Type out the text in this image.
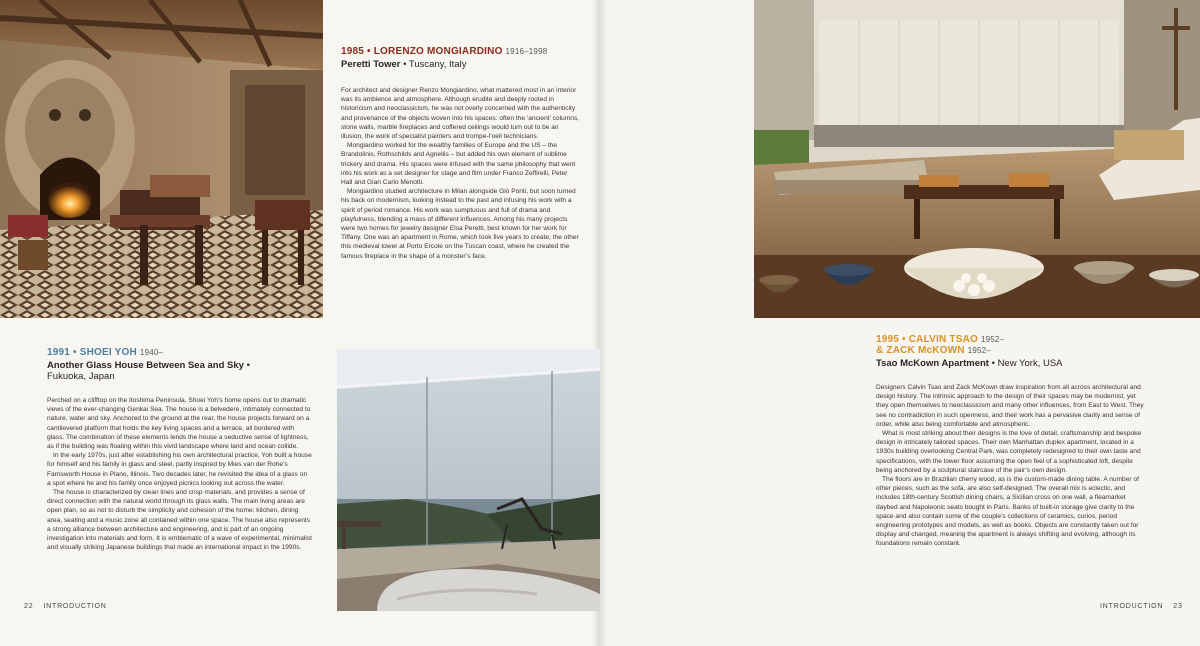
1985 • LORENZO MONGIARDINO 1916–1998
Peretti Tower • Tuscany, Italy

For architect and designer Renzo Mongiardino, what mattered most in an interior was its ambience and atmosphere. Although erudite and deeply rooted in historicism and neoclassicism, he was not overly concerned with the authenticity and provenance of the objects woven into his spaces: often the ‘ancient’ columns, stone walls, marble fireplaces and coffered ceilings would turn out to be an illusion, the work of specialist painters and trompe-l’oeil technicians.

Mongiardino worked for the wealthy families of Europe and the US – the Brandolinis, Rothschilds and Agnellis – but added his own element of sublime trickery and drama. His spaces were infused with the same philosophy that went into his work as a set designer for stage and film under Franco Zeffirelli, Peter Hall and Gian Carlo Menotti.

Mongiardino studied architecture in Milan alongside Giò Ponti, but soon turned his back on modernism, looking instead to the past and infusing his work with a spirit of period romance. His work was sumptuous and full of drama and playfulness, blending a mass of different influences. Among his many projects were two homes for jewelry designer Elsa Peretti, best known for her work for Tiffany. One was an apartment in Rome, which took five years to create; the other this medieval tower at Porto Ercole on the Tuscan coast, where he created the famous fireplace in the shape of a monster’s face.

1991 • SHOEI YOH 1940–
Another Glass House Between Sea and Sky •
Fukuoka, Japan

Perched on a clifftop on the Itoshima Peninsula, Shoei Yoh’s home opens out to dramatic views of the ever-changing Genkai Sea. The house is a belvedere, intimately connected to nature, water and sky. Anchored to the ground at the rear, the house projects forward on a cantilevered platform that holds the key living spaces and a terrace, all bordered with glass. The combination of these elements lends the house a seductive sense of lightness, as if the building was floating within this vivid landscape where land and ocean collide.

In the early 1970s, just after establishing his own architectural practice, Yoh built a house for himself and his family in glass and steel, partly inspired by Mies van der Rohe’s Farnsworth House in Plano, Illinois. Two decades later, he revisited the idea of a glass on a spot where he and his family once enjoyed picnics looking out across the water.

The house is characterized by clean lines and crisp materials, and provides a sense of direct connection with the natural world through its glass walls. The main living areas are open plan, so as not to disturb the simplicity and cohesion of the home: kitchen, dining area, seating and a music zone all contained within one space. The house also represents a strong alliance between architecture and engineering, and is part of an ongoing investigation into materials and form. It is emblematic of a wave of experimental, minimalist and visually striking Japanese buildings that made an international impact in the 1990s.

1995 • CALVIN TSAO 1952–
& ZACK McKOWN 1952–
Tsao McKown Apartment • New York, USA

Designers Calvin Tsao and Zack McKown draw inspiration from all across architectural and design history. The intrinsic approach to the design of their spaces may be modernist, yet they open themselves to neoclassicism and many other influences, from East to West. They see no contradiction in such openness, and their work has a pervasive clarity and sense of order, while also being comfortable and atmospheric.

What is most striking about their designs is the love of detail, craftsmanship and bespoke design in intricately tailored spaces. Their own Manhattan duplex apartment, located in a 1930s building overlooking Central Park, was completely redesigned to their own taste and specifications, with the lower floor assuming the open feel of a sophisticated loft, despite being anchored by a sculptural staircase of the pair’s own design.

The floors are in Brazilian cherry wood, as is the custom-made dining table. A number of other pieces, such as the sofa, are also self-designed. The overall mix is eclectic, and includes 18th-century Scottish dining chairs, a Sicilian cross on one wall, a fleamarket daybed and Napoleonic seats bought in Paris. Banks of built-in storage give clarity to the space and also contain some of the couple’s collections of ceramics, curios, period engineering prototypes and models, as well as books. Objects are constantly taken out for display and changed, meaning the apartment is always shifting and evolving, although its foundations remain constant.

22 INTRODUCTION	INTRODUCTION 23
